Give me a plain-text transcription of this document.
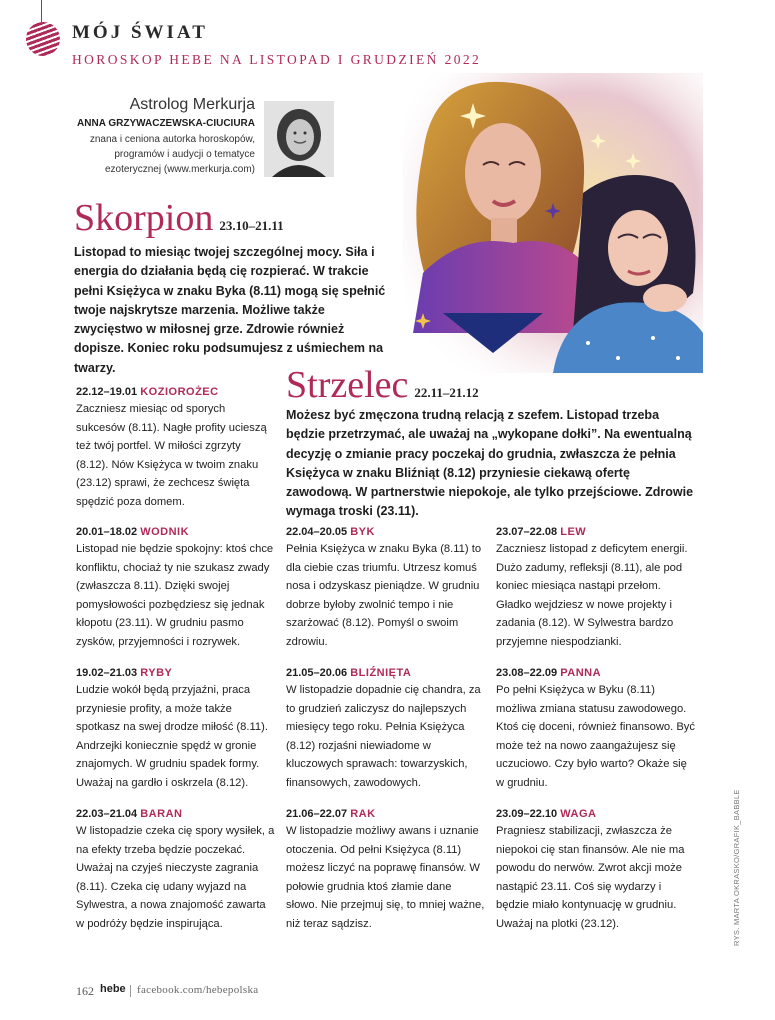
MÓJ ŚWIAT
HOROSKOP HEBE NA LISTOPAD I GRUDZIEŃ 2022
Astrolog Merkurja
ANNA GRZYWACZEWSKA-CIUCIURA
znana i ceniona autorka horoskopów, programów i audycji o tematyce ezoterycznej (www.merkurja.com)
Skorpion 23.10–21.11
Listopad to miesiąc twojej szczególnej mocy. Siła i energia do działania będą cię rozpierać. W trakcie pełni Księżyca w znaku Byka (8.11) mogą się spełnić twoje najskrytsze marzenia. Możliwe także zwycięstwo w miłosnej grze. Zdrowie również dopisze. Koniec roku podsumujesz z uśmiechem na twarzy.	Strzelec 22.11–21.12
Możesz być zmęczona trudną relacją z szefem. Listopad trzeba będzie przetrzymać, ale uważaj na „wykopane dołki”. Na ewentualną decyzję o zmianie pracy poczekaj do grudnia, zwłaszcza że pełnia Księżyca w znaku Bliźniąt (8.12) przyniesie ciekawą ofertę zawodową. W partnerstwie niepokoje, ale tylko przejściowe. Zdrowie wymaga troski (23.11).
22.12–19.01 KOZIOROŻEC
Zaczniesz miesiąc od sporych sukcesów (8.11). Nagłe profity ucieszą też twój portfel. W miłości zgrzyty (8.12). Nów Księżyca w twoim znaku (23.12) sprawi, że zechcesz święta spędzić poza domem.
20.01–18.02 WODNIK
Listopad nie będzie spokojny: ktoś chce konfliktu, chociaż ty nie szukasz zwady (zwłaszcza 8.11). Dzięki swojej pomysłowości pozbędziesz się jednak kłopotu (23.11). W grudniu pasmo zysków, przyjemności i rozrywek.
19.02–21.03 RYBY
Ludzie wokół będą przyjaźni, praca przyniesie profity, a może także spotkasz na swej drodze miłość (8.11). Andrzejki koniecznie spędź w gronie znajomych. W grudniu spadek formy. Uważaj na gardło i oskrzela (8.12).
22.03–21.04 BARAN
W listopadzie czeka cię spory wysiłek, a na efekty trzeba będzie poczekać. Uważaj na czyjeś nieczyste zagrania (8.11). Czeka cię udany wyjazd na Sylwestra, a nowa znajomość zawarta w podróży będzie inspirująca.
22.04–20.05 BYK
Pełnia Księżyca w znaku Byka (8.11) to dla ciebie czas triumfu. Utrzesz komuś nosa i odzyskasz pieniądze. W grudniu dobrze byłoby zwolnić tempo i nie szarżować (8.12). Pomyśl o swoim zdrowiu.
21.05–20.06 BLIŹNIĘTA
W listopadzie dopadnie cię chandra, za to grudzień zaliczysz do najlepszych miesięcy tego roku. Pełnia Księżyca (8.12) rozjaśni niewiadome w kluczowych sprawach: towarzyskich, finansowych, zawodowych.
21.06–22.07 RAK
W listopadzie możliwy awans i uznanie otoczenia. Od pełni Księżyca (8.11) możesz liczyć na poprawę finansów. W połowie grudnia ktoś złamie dane słowo. Nie przejmuj się, to mniej ważne, niż teraz sądzisz.
23.07–22.08 LEW
Zaczniesz listopad z deficytem energii. Dużo zadumy, refleksji (8.11), ale pod koniec miesiąca nastąpi przełom. Gładko wejdziesz w nowe projekty i zadania (8.12). W Sylwestra bardzo przyjemne niespodzianki.
23.08–22.09 PANNA
Po pełni Księżyca w Byku (8.11) możliwa zmiana statusu zawodowego. Ktoś cię doceni, również finansowo. Być może też na nowo zaangażujesz się uczuciowo. Czy było warto? Okaże się w grudniu.
23.09–22.10 WAGA
Pragniesz stabilizacji, zwłaszcza że niepokoi cię stan finansów. Ale nie ma powodu do nerwów. Zwrot akcji może nastąpić 23.11. Coś się wydarzy i będzie miało kontynuację w grudniu. Uważaj na plotki (23.12).	RYS. MARTA OKRASKO/GRAFIK_BABBLE
162 hebe facebook.com/hebepolska
